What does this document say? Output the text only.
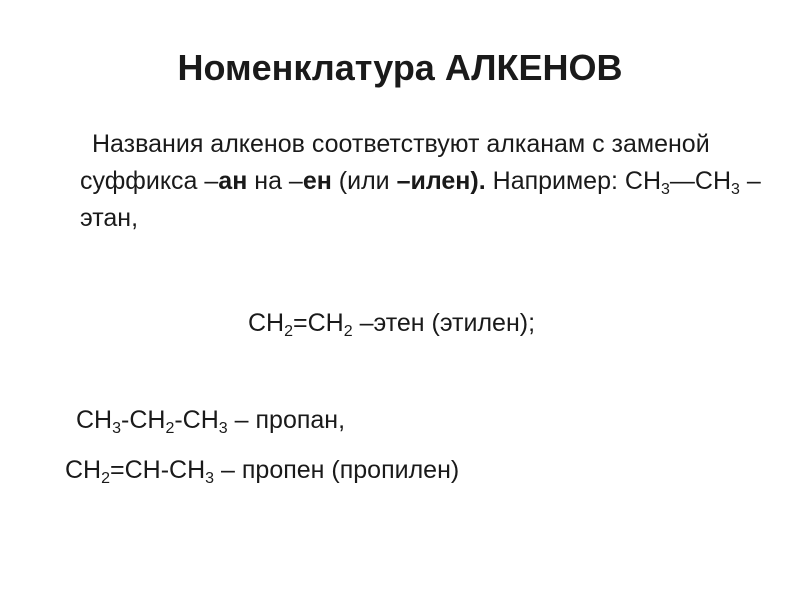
Номенклатура АЛКЕНОВ

Названия алкенов соответствуют алканам с заменой суффикса –ан на –ен (или –илен). Например: $CH_3—CH_3$ – этан,

$CH_2=CH_2$ –этен (этилен);
$CH_3-CH_2-CH_3$ – пропан,
$CH_2=CH-CH_3$ – пропен (пропилен)
